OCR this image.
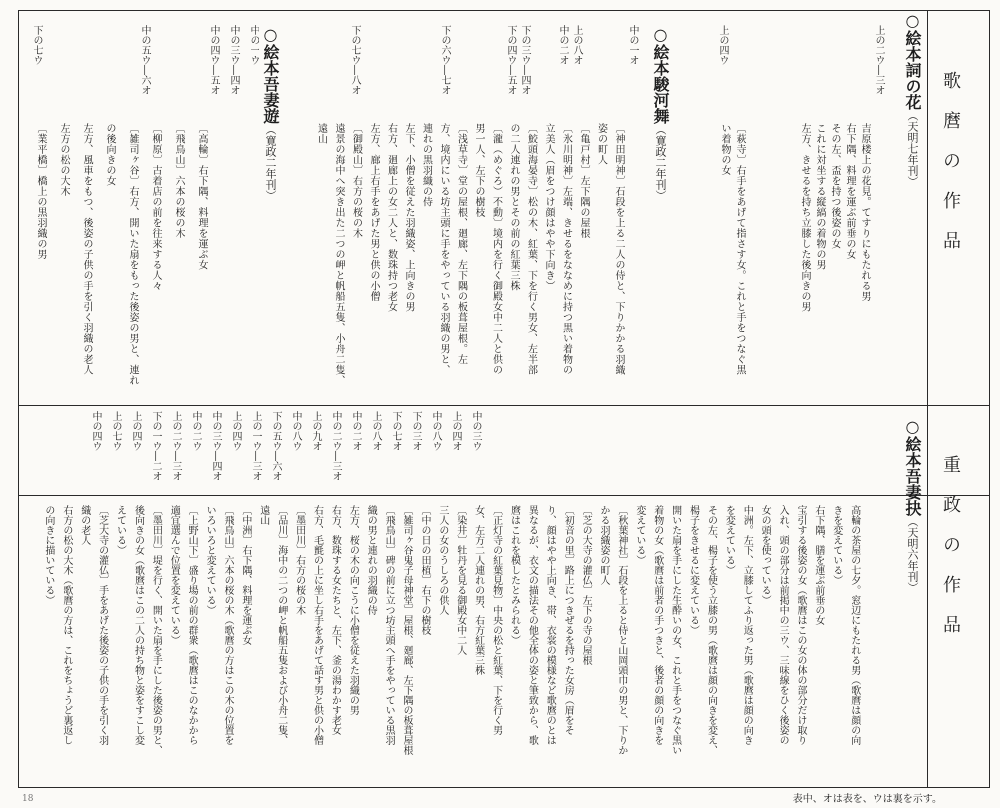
歌麿の作品
○絵本詞の花（天明七年刊）
上の二ウ―三オ
吉原楼上の花見。てすりにもたれる男
右下隅、料理を運ぶ前垂の女
その左、盃を持つ後姿の女
これに対坐する縦縞の着物の男
左方、きせるを持ち立膝した後向きの男
上の四ウ
〔萩寺〕右手をあげて指さす女。これと手をつなぐ黒
い着物の女
○絵本駿河舞（寛政二年刊）
中の一オ
上の八オ
中の二オ
下の三ウ―四オ
下の四ウ―五オ
下の六ウ―七オ
下の七ウ―八オ
〔神田明神〕石段を上る二人の侍と、下りかかる羽織
姿の町人
〔亀戸村〕左下隅の屋根
〔氷川明神〕左端、きせるをななめに持つ黒い着物の
立美人（眉をつけ顔はやや下向き）
〔鮫頭海晏寺〕松の木、紅葉、下を行く男女、左半部
の二人連れの男とその前の紅葉三株
〔瀧（めぐろ）不動〕境内を行く御殿女中二人と供の
男一人、左下の樹枝
〔浅草寺〕堂の屋根、廻廊、左下隅の板葺屋根。左
方、境内にいる坊主頭に手をやっている羽織の男と、
連れの黒羽織の侍
左下、小僧を従えた羽織姿、上向きの男
右方、廻廊上の女二人と、数珠持つ老女
左方、廊上右手をあげた男と供の小僧
〔御殿山〕右方の桜の木
遠景の海中へ突き出た二つの岬と帆船五隻、小舟二隻、
遠山
○絵本吾妻遊（寛政二年刊）
中の一ウ
中の三ウ―四オ
中の四ウ―五オ
中の五ウ―六オ
下の七ウ
〔高輪〕右下隅、料理を運ぶ女
〔飛鳥山〕六本の桜の木
〔柳原〕古着店の前を往来する人々
〔雑司ヶ谷〕右方、開いた扇をもった後姿の男と、連れ
の後向きの女
左方、風車をもつ、後姿の子供の手を引く羽織の老人
左方の松の大木
〔業平橋〕橋上の黒羽織の男
重政の作品
○絵本吾妻抉（天明六年刊）
中の三ウ
上の四オ
中の八ウ
下の三オ
下の七オ
上の八オ
中の二オ
中の二ウ―三オ
上の九オ
中の八ウ
下の五ウ―六オ
上の一ウ―三オ
上の四ウ
中の三ウ―四オ
中の二ウ
上の二ウ―三オ
下の一ウ―二オ
上の四ウ
上の七ウ
中の四ウ
高輪の茶屋の七夕。窓辺にもたれる男（歌麿は顔の向
きを変えている）
右下隅、膳を運ぶ前垂の女
宝引する後姿の女（歌麿はこの女の体の部分だけ取り
入れ、頭の部分は前掲中の三ウ、三味線をひく後姿の
女の頭を使っている）
中洲。左下、立膝してふり返った男（歌麿は顔の向き
を変えている）
その左、楊子を使う立膝の男（歌麿は顔の向きを変え、
楊子をきせるに変えている）
開いた扇を手にした生酔いの女、これと手をつなぐ黒い
着物の女（歌麿は前者の手つきと、後者の顔の向きを
変えている）
〔秋葉神社〕石段を上ると侍と山岡頭巾の男と、下りか
かる羽織姿の町人
〔芝の大寺の灌仏〕左下の寺の屋根
〔初音の里〕路上につきぜるを持った女房（眉をそ
り、顔はやや上向き、帯、衣裳の模様など歌麿のとは
異なるが、衣文の描法その他全体の姿と筆致から、歌
麿はこれを模したとみられる）
〔正灯寺の紅葉見物〕中央の松と紅葉、下を行く男
女、左方二人連れの男、右方紅葉三株
〔染井〕牡丹を見る御殿女中二人
三人の女のうしろの供人
〔中の日の田植〕右下の樹枝
〔雑司ヶ谷鬼子母神堂〕屋根、廻廊、左下隅の板葺屋根
〔飛鳥山〕碑の前に立つ坊主頭へ手をやっている黒羽
織の男と連れの羽織の侍
左方、桜の木の向こうに小僧を従えた羽織の男
右方、数珠する女たちと、左下、釜の湯わかす老女
右方、毛氈の上に坐し右手をあげて話す男と供の小僧
〔墨田川〕右方の桜の木
〔品川〕海中の二つの岬と帆船五隻および小舟二隻、
遠山
〔中洲〕右下隅、料理を運ぶ女
〔飛鳥山〕六本の桜の木（歌麿の方はこの木の位置を
いろいろと変えている）
〔上野山下〕盛り場の前の群衆（歌麿はこのなかから
適宜選んで位置を変えている）
〔墨田川〕堤を行く、開いた扇を手にした後姿の男と、
後向きの女（歌麿はこの二人の持ち物と姿をすこし変
えている）
〔芝大寺の灌仏〕手をあげた後姿の子供の手を引く羽
織の老人
右方の松の大木（歌麿の方は、これをちょうど裏返し
の向きに描いている）
表中、オは表を、ウは裏を示す。
18
